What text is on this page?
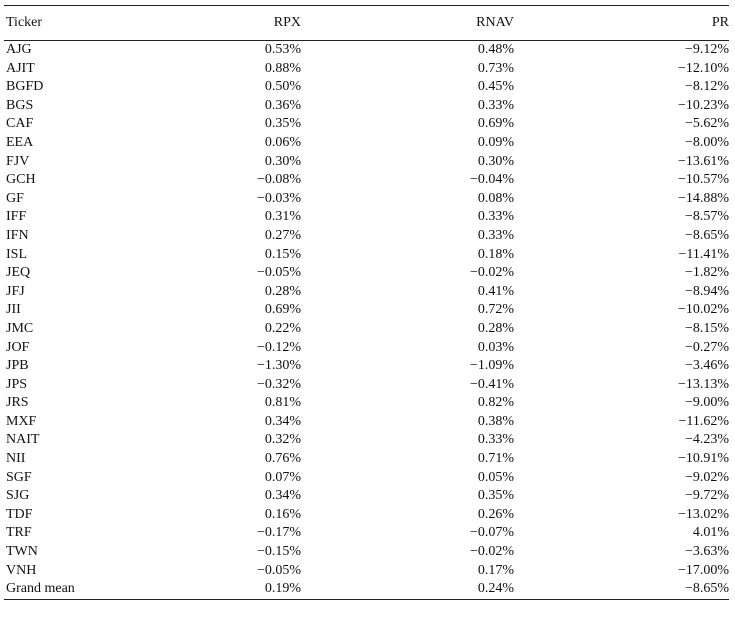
Ticker	RPX	RNAV	PR
AJG	0.53%	0.48%	−9.12%
AJIT	0.88%	0.73%	−12.10%
BGFD	0.50%	0.45%	−8.12%
BGS	0.36%	0.33%	−10.23%
CAF	0.35%	0.69%	−5.62%
EEA	0.06%	0.09%	−8.00%
FJV	0.30%	0.30%	−13.61%
GCH	−0.08%	−0.04%	−10.57%
GF	−0.03%	0.08%	−14.88%
IFF	0.31%	0.33%	−8.57%
IFN	0.27%	0.33%	−8.65%
ISL	0.15%	0.18%	−11.41%
JEQ	−0.05%	−0.02%	−1.82%
JFJ	0.28%	0.41%	−8.94%
JII	0.69%	0.72%	−10.02%
JMC	0.22%	0.28%	−8.15%
JOF	−0.12%	0.03%	−0.27%
JPB	−1.30%	−1.09%	−3.46%
JPS	−0.32%	−0.41%	−13.13%
JRS	0.81%	0.82%	−9.00%
MXF	0.34%	0.38%	−11.62%
NAIT	0.32%	0.33%	−4.23%
NII	0.76%	0.71%	−10.91%
SGF	0.07%	0.05%	−9.02%
SJG	0.34%	0.35%	−9.72%
TDF	0.16%	0.26%	−13.02%
TRF	−0.17%	−0.07%	4.01%
TWN	−0.15%	−0.02%	−3.63%
VNH	−0.05%	0.17%	−17.00%
Grand mean	0.19%	0.24%	−8.65%
